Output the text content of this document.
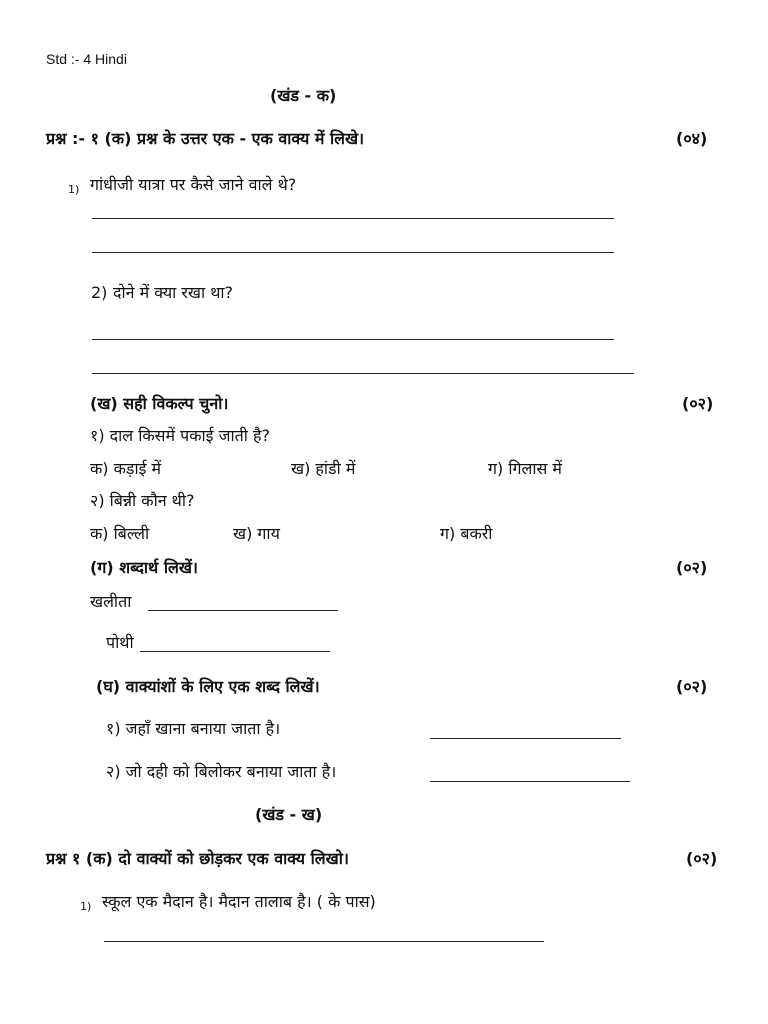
Std :- 4 Hindi
(खंड - क)
प्रश्न :- १ (क) प्रश्न के उत्तर एक - एक वाक्य में लिखे।	(०४)
1) गांधीजी यात्रा पर कैसे जाने वाले थे?
2) दोने में क्या रखा था?
(ख) सही विकल्प चुनो।	(०२)
१) दाल किसमें पकाई जाती है?
क) कड़ाई में	ख) हांडी में	ग) गिलास में
२) बिन्नी कौन थी?
क) बिल्ली	ख) गाय	ग) बकरी
(ग) शब्दार्थ लिखें।	(०२)
खलीता
पोथी
(घ) वाक्यांशों के लिए एक शब्द लिखें।	(०२)
१) जहाँ खाना बनाया जाता है।
२) जो दही को बिलोकर बनाया जाता है।
(खंड - ख)
प्रश्न १ (क) दो वाक्यों को छोड़कर एक वाक्य लिखो।	(०२)
1) स्कूल एक मैदान है। मैदान तालाब है। ( के पास)
